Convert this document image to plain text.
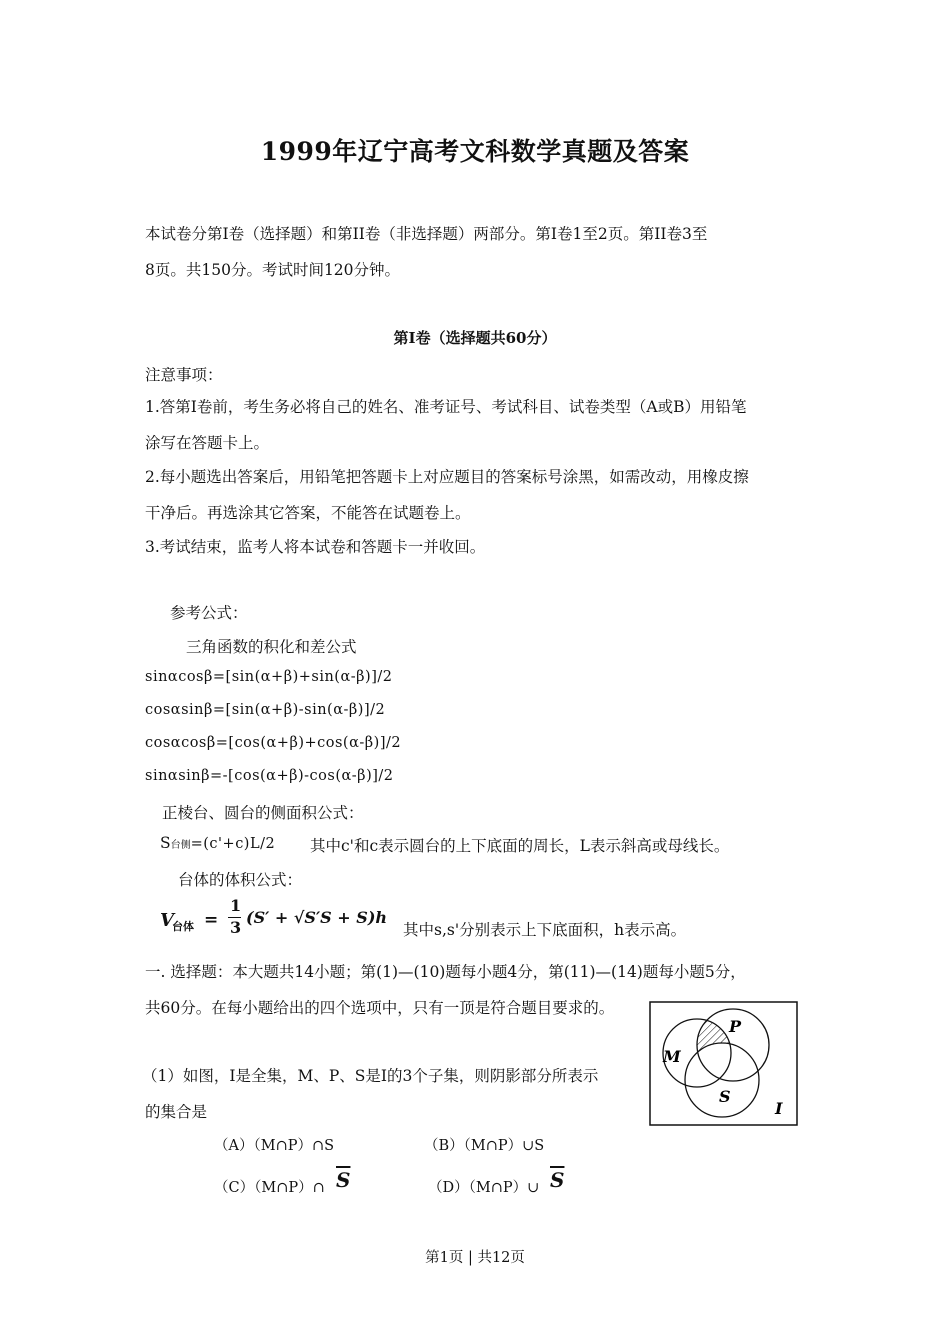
1999年辽宁高考文科数学真题及答案
本试卷分第Ⅰ卷（选择题）和第II卷（非选择题）两部分。第Ⅰ卷1至2页。第II卷3至
8页。共150分。考试时间120分钟。
第Ⅰ卷（选择题共60分）
注意事项：
1.答第Ⅰ卷前，考生务必将自己的姓名、准考证号、考试科目、试卷类型（A或B）用铅笔
涂写在答题卡上。
2.每小题选出答案后，用铅笔把答题卡上对应题目的答案标号涂黑，如需改动，用橡皮擦
干净后。再选涂其它答案，不能答在试题卷上。
3.考试结束，监考人将本试卷和答题卡一并收回。
参考公式：
三角函数的积化和差公式
sinαcosβ=[sin(α+β)+sin(α-β)]/2
cosαsinβ=[sin(α+β)-sin(α-β)]/2
cosαcosβ=[cos(α+β)+cos(α-β)]/2
sinαsinβ=-[cos(α+β)-cos(α-β)]/2
正棱台、圆台的侧面积公式：
S台侧=(c'+c)L/2 其中c'和c表示圆台的上下底面的周长，L表示斜高或母线长。
台体的体积公式：
V
台体 =
1
3
(S′ + √S′S + S)h
其中s,s'分别表示上下底面积，h表示高。
一. 选择题：本大题共14小题；第(1)—(10)题每小题4分，第(11)—(14)题每小题5分，
共60分。在每小题给出的四个选项中，只有一顶是符合题目要求的。
（1）如图，I是全集，M、P、S是I的3个子集，则阴影部分所表示
的集合是
（A）（M∩P）∩S	（B）（M∩P）∪S
（C）（M∩P）∩ $\overline{S}$	（D）（M∩P）∪ $\overline{S}$
M
P
S
I
第1页 | 共12页
